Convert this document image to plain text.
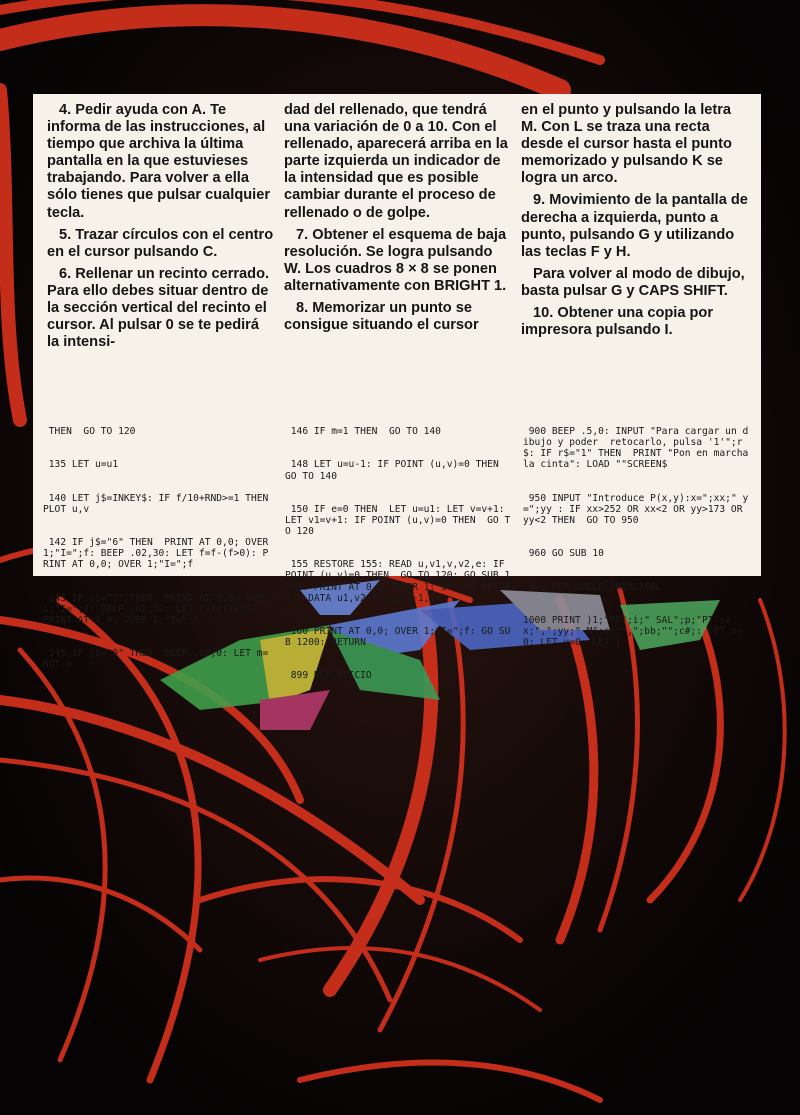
4. Pedir ayuda con A. Te informa de las instrucciones, al tiempo que archiva la última pantalla en la que estuvieses trabajando. Para volver a ella sólo tienes que pulsar cualquier tecla.

5. Trazar círculos con el centro en el cursor pulsando C.

6. Rellenar un recinto cerrado. Para ello debes situar dentro de la sección vertical del recinto el cursor. Al pulsar 0 se te pedirá la intensi-

dad del rellenado, que tendrá una variación de 0 a 10. Con el rellenado, aparecerá arriba en la parte izquierda un indicador de la intensidad que es posible cambiar durante el proceso de rellenado o de golpe.

7. Obtener el esquema de baja resolución. Se logra pulsando W. Los cuadros 8 × 8 se ponen alternativamente con BRIGHT 1.

8. Memorizar un punto se consigue situando el cursor

en el punto y pulsando la letra M. Con L se traza una recta desde el cursor hasta el punto memorizado y pulsando K se logra un arco.

9. Movimiento de la pantalla de derecha a izquierda, punto a punto, pulsando G y utilizando las teclas F y H.

Para volver al modo de dibujo, basta pulsar G y CAPS SHIFT.

10. Obtener una copia por impresora pulsando I.

THEN  GO TO 120

135 LET u=u1

140 LET j$=INKEY$: IF f/10+RND>=1 THEN  PLOT u,v

142 IF j$="6" THEN  PRINT AT 0,0; OVER 1;"I=";f: BEEP .02,30: LET f=f-(f>0): PRINT AT 0,0; OVER 1;"I=";f

143 IF j$="7" THEN  PRINT AT 0,0; OVER 1;"I=";f: BEEP .02,50: LET f=f+(f<10): PRINT AT 0,0; OVER 1;"I=";f

145 IF j$="0" THEN  BEEP .08,0: LET m=NOT m

146 IF m=1 THEN  GO TO 140

148 LET u=u-1: IF POINT (u,v)=0 THEN  GO TO 140

150 IF e=0 THEN  LET u=u1: LET v=v+1: LET v1=v+1: IF POINT (u,v)=0 THEN  GO TO 120

155 RESTORE 155: READ u,v1,v,v2,e: IF POINT (u,v)=0 THEN  GO TO 120: GO SUB 1200: PRINT AT 0,0; OVER 1;"I=";f: RETURN : DATA u1,v2-1,v1,v2-1,1

160 PRINT AT 0,0; OVER 1;"I=";f: GO SUB 1200: RETURN

899 REM INICIO

900 BEEP .5,0: INPUT "Para cargar un dibujo y poder  retocarlo, pulsa '1'";r$: IF r$="1" THEN  PRINT "Pon en marcha la cinta": LOAD ""SCREEN$

950 INPUT "Introduce P(x,y):x=";xx;" y=";yy : IF xx>252 OR xx<2 OR yy>173 OR yy<2 THEN  GO TO 950

960 GO SUB 10

999 REM BUCLE PRINCIPAL

1000 PRINT )1;"MD";i;" SAL";p;"PT";xx;",";yy;" M";aa;",";bb;"";c#;: LET x=0: LET y=0: LET j
